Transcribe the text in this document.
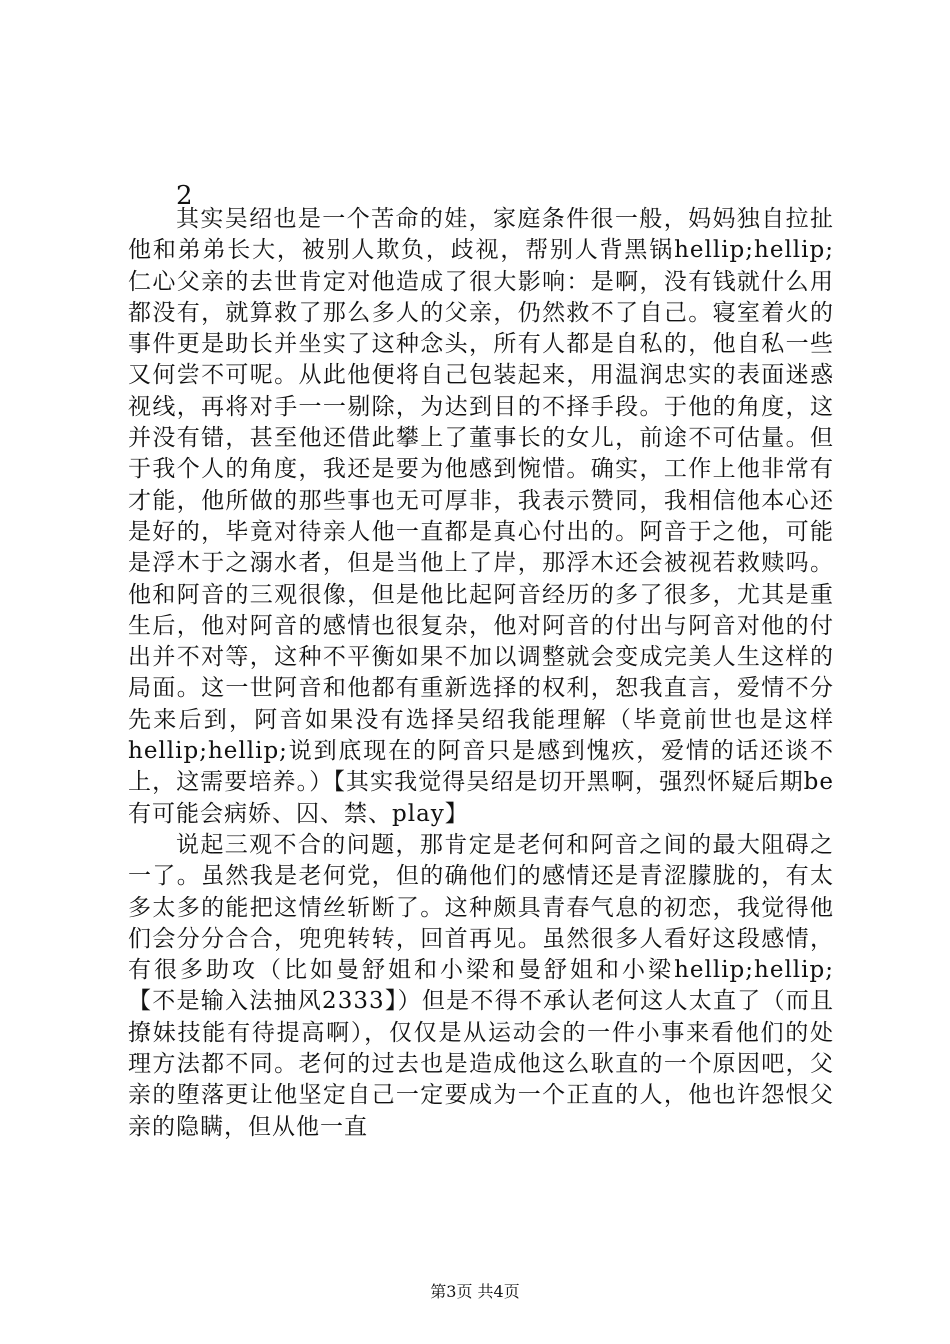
2

其实吴绍也是一个苦命的娃，家庭条件很一般，妈妈独自拉扯他和弟弟长大，被别人欺负，歧视，帮别人背黑锅hellip;hellip;仁心父亲的去世肯定对他造成了很大影响：是啊，没有钱就什么用都没有，就算救了那么多人的父亲，仍然救不了自己。寝室着火的事件更是助长并坐实了这种念头，所有人都是自私的，他自私一些又何尝不可呢。从此他便将自己包装起来，用温润忠实的表面迷惑视线，再将对手一一剔除，为达到目的不择手段。于他的角度，这并没有错，甚至他还借此攀上了董事长的女儿，前途不可估量。但于我个人的角度，我还是要为他感到惋惜。确实，工作上他非常有才能，他所做的那些事也无可厚非，我表示赞同，我相信他本心还是好的，毕竟对待亲人他一直都是真心付出的。阿音于之他，可能是浮木于之溺水者，但是当他上了岸，那浮木还会被视若救赎吗。他和阿音的三观很像，但是他比起阿音经历的多了很多，尤其是重生后，他对阿音的感情也很复杂，他对阿音的付出与阿音对他的付出并不对等，这种不平衡如果不加以调整就会变成完美人生这样的局面。这一世阿音和他都有重新选择的权利，恕我直言，爱情不分先来后到，阿音如果没有选择吴绍我能理解（毕竟前世也是这样hellip;hellip;说到底现在的阿音只是感到愧疚，爱情的话还谈不上，这需要培养。）【其实我觉得吴绍是切开黑啊，强烈怀疑后期be有可能会病娇、囚、禁、play】

说起三观不合的问题，那肯定是老何和阿音之间的最大阻碍之一了。虽然我是老何党，但的确他们的感情还是青涩朦胧的，有太多太多的能把这情丝斩断了。这种颇具青春气息的初恋，我觉得他们会分分合合，兜兜转转，回首再见。虽然很多人看好这段感情，有很多助攻（比如曼舒姐和小梁和曼舒姐和小梁hellip;hellip;【不是输入法抽风2333】）但是不得不承认老何这人太直了（而且撩妹技能有待提高啊），仅仅是从运动会的一件小事来看他们的处理方法都不同。老何的过去也是造成他这么耿直的一个原因吧，父亲的堕落更让他坚定自己一定要成为一个正直的人，他也许怨恨父亲的隐瞒，但从他一直

第3页 共4页
